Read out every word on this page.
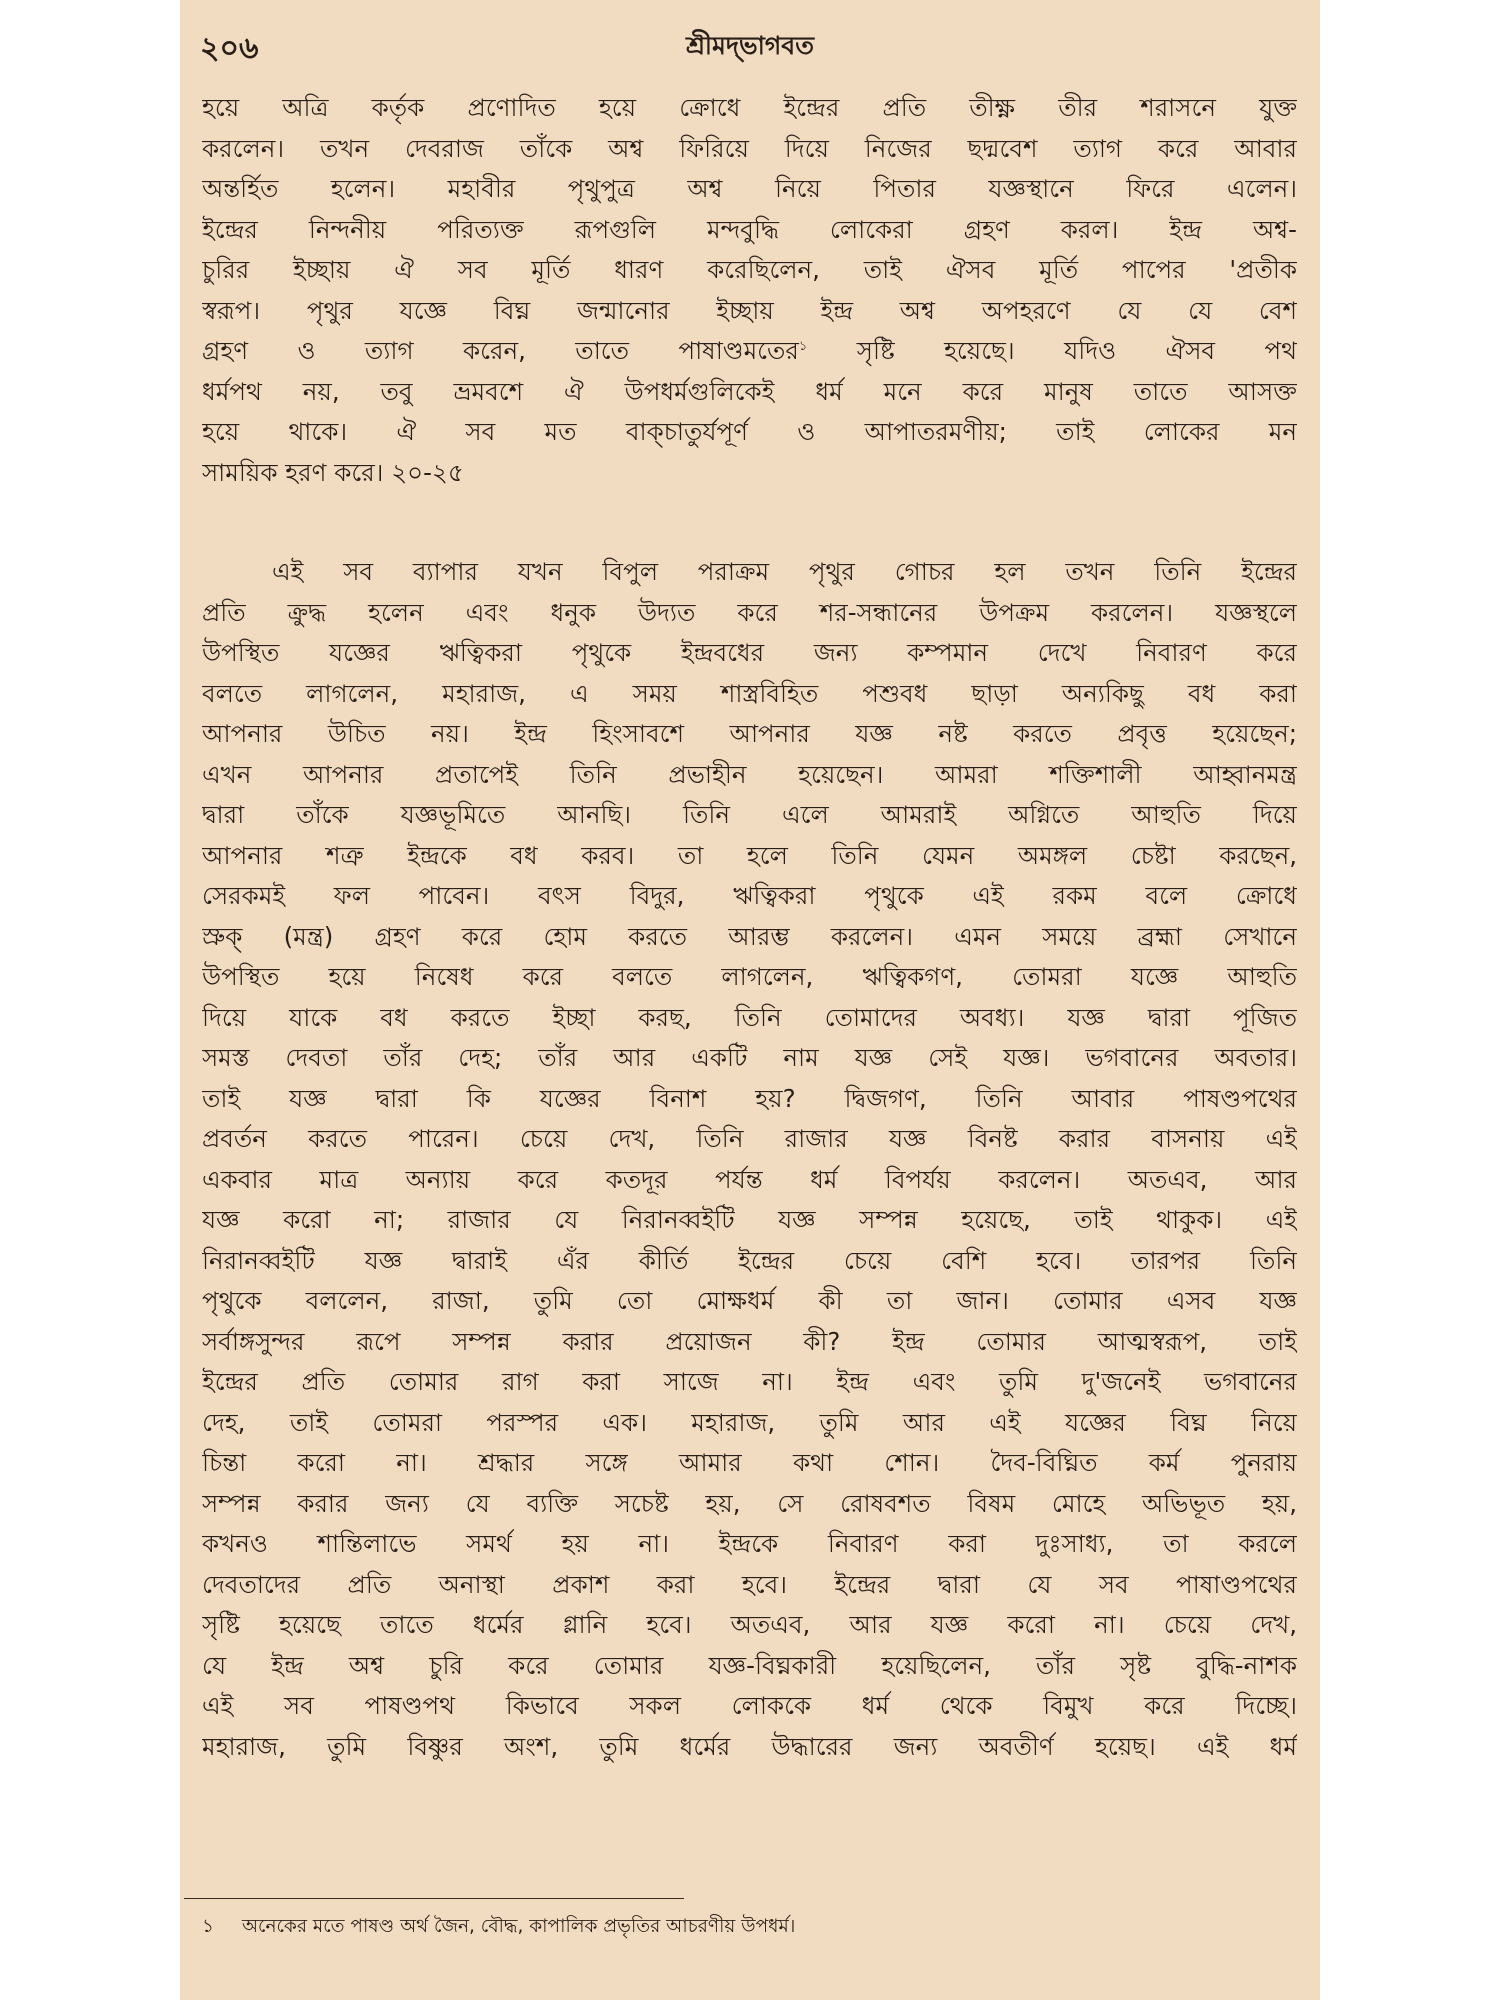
২০৬	শ্রীমদ্‌ভাগবত
হয়ে অত্রি কর্তৃক প্রণোদিত হয়ে ক্রোধে ইন্দ্রের প্রতি তীক্ষ্ণ তীর শরাসনে যুক্ত
করলেন। তখন দেবরাজ তাঁকে অশ্ব ফিরিয়ে দিয়ে নিজের ছদ্মবেশ ত্যাগ করে আবার
অন্তর্হিত হলেন। মহাবীর পৃথুপুত্র অশ্ব নিয়ে পিতার যজ্ঞস্থানে ফিরে এলেন।
ইন্দ্রের নিন্দনীয় পরিত্যক্ত রূপগুলি মন্দবুদ্ধি লোকেরা গ্রহণ করল। ইন্দ্র অশ্ব-
চুরির ইচ্ছায় ঐ সব মূর্তি ধারণ করেছিলেন, তাই ঐসব মূর্তি পাপের 'প্রতীক
স্বরূপ। পৃথুর যজ্ঞে বিঘ্ন জন্মানোর ইচ্ছায় ইন্দ্র অশ্ব অপহরণে যে যে বেশ
গ্রহণ ও ত্যাগ করেন, তাতে পাষাণ্ডমতের$^১$ সৃষ্টি হয়েছে। যদিও ঐসব পথ
ধর্মপথ নয়, তবু ভ্রমবশে ঐ উপধর্মগুলিকেই ধর্ম মনে করে মানুষ তাতে আসক্ত
হয়ে থাকে। ঐ সব মত বাক্‌চাতুর্যপূর্ণ ও আপাতরমণীয়; তাই লোকের মন
সাময়িক হরণ করে। ২০-২৫
এই সব ব্যাপার যখন বিপুল পরাক্রম পৃথুর গোচর হল তখন তিনি ইন্দ্রের
প্রতি ক্রুদ্ধ হলেন এবং ধনুক উদ্যত করে শর-সন্ধানের উপক্রম করলেন। যজ্ঞস্থলে
উপস্থিত যজ্ঞের ঋত্বিকরা পৃথুকে ইন্দ্রবধের জন্য কম্পমান দেখে নিবারণ করে
বলতে লাগলেন, মহারাজ, এ সময় শাস্ত্রবিহিত পশুবধ ছাড়া অন্যকিছু বধ করা
আপনার উচিত নয়। ইন্দ্র হিংসাবশে আপনার যজ্ঞ নষ্ট করতে প্রবৃত্ত হয়েছেন;
এখন আপনার প্রতাপেই তিনি প্রভাহীন হয়েছেন। আমরা শক্তিশালী আহ্বানমন্ত্র
দ্বারা তাঁকে যজ্ঞভূমিতে আনছি। তিনি এলে আমরাই অগ্নিতে আহুতি দিয়ে
আপনার শত্রু ইন্দ্রকে বধ করব। তা হলে তিনি যেমন অমঙ্গল চেষ্টা করছেন,
সেরকমই ফল পাবেন। বৎস বিদুর, ঋত্বিকরা পৃথুকে এই রকম বলে ক্রোধে
স্রুক্‌ (মন্ত্র) গ্রহণ করে হোম করতে আরম্ভ করলেন। এমন সময়ে ব্রহ্মা সেখানে
উপস্থিত হয়ে নিষেধ করে বলতে লাগলেন, ঋত্বিকগণ, তোমরা যজ্ঞে আহুতি
দিয়ে যাকে বধ করতে ইচ্ছা করছ, তিনি তোমাদের অবধ্য। যজ্ঞ দ্বারা পূজিত
সমস্ত দেবতা তাঁর দেহ; তাঁর আর একটি নাম যজ্ঞ সেই যজ্ঞ। ভগবানের অবতার।
তাই যজ্ঞ দ্বারা কি যজ্ঞের বিনাশ হয়? দ্বিজগণ, তিনি আবার পাষণ্ডপথের
প্রবর্তন করতে পারেন। চেয়ে দেখ, তিনি রাজার যজ্ঞ বিনষ্ট করার বাসনায় এই
একবার মাত্র অন্যায় করে কতদূর পর্যন্ত ধর্ম বিপর্যয় করলেন। অতএব, আর
যজ্ঞ করো না; রাজার যে নিরানব্বইটি যজ্ঞ সম্পন্ন হয়েছে, তাই থাকুক। এই
নিরানব্বইটি যজ্ঞ দ্বারাই এঁর কীর্তি ইন্দ্রের চেয়ে বেশি হবে। তারপর তিনি
পৃথুকে বললেন, রাজা, তুমি তো মোক্ষধর্ম কী তা জান। তোমার এসব যজ্ঞ
সর্বাঙ্গসুন্দর রূপে সম্পন্ন করার প্রয়োজন কী? ইন্দ্র তোমার আত্মস্বরূপ, তাই
ইন্দ্রের প্রতি তোমার রাগ করা সাজে না। ইন্দ্র এবং তুমি দু'জনেই ভগবানের
দেহ, তাই তোমরা পরস্পর এক। মহারাজ, তুমি আর এই যজ্ঞের বিঘ্ন নিয়ে
চিন্তা করো না। শ্রদ্ধার সঙ্গে আমার কথা শোন। দৈব-বিঘ্নিত কর্ম পুনরায়
সম্পন্ন করার জন্য যে ব্যক্তি সচেষ্ট হয়, সে রোষবশত বিষম মোহে অভিভূত হয়,
কখনও শান্তিলাভে সমর্থ হয় না। ইন্দ্রকে নিবারণ করা দুঃসাধ্য, তা করলে
দেবতাদের প্রতি অনাস্থা প্রকাশ করা হবে। ইন্দ্রের দ্বারা যে সব পাষাণ্ডপথের
সৃষ্টি হয়েছে তাতে ধর্মের গ্লানি হবে। অতএব, আর যজ্ঞ করো না। চেয়ে দেখ,
যে ইন্দ্র অশ্ব চুরি করে তোমার যজ্ঞ-বিঘ্নকারী হয়েছিলেন, তাঁর সৃষ্ট বুদ্ধি-নাশক
এই সব পাষণ্ডপথ কিভাবে সকল লোককে ধর্ম থেকে বিমুখ করে দিচ্ছে।
মহারাজ, তুমি বিষ্ণুর অংশ, তুমি ধর্মের উদ্ধারের জন্য অবতীর্ণ হয়েছ। এই ধর্ম
১ অনেকের মতে পাষণ্ড অর্থ জৈন, বৌদ্ধ, কাপালিক প্রভৃতির আচরণীয় উপধর্ম।
